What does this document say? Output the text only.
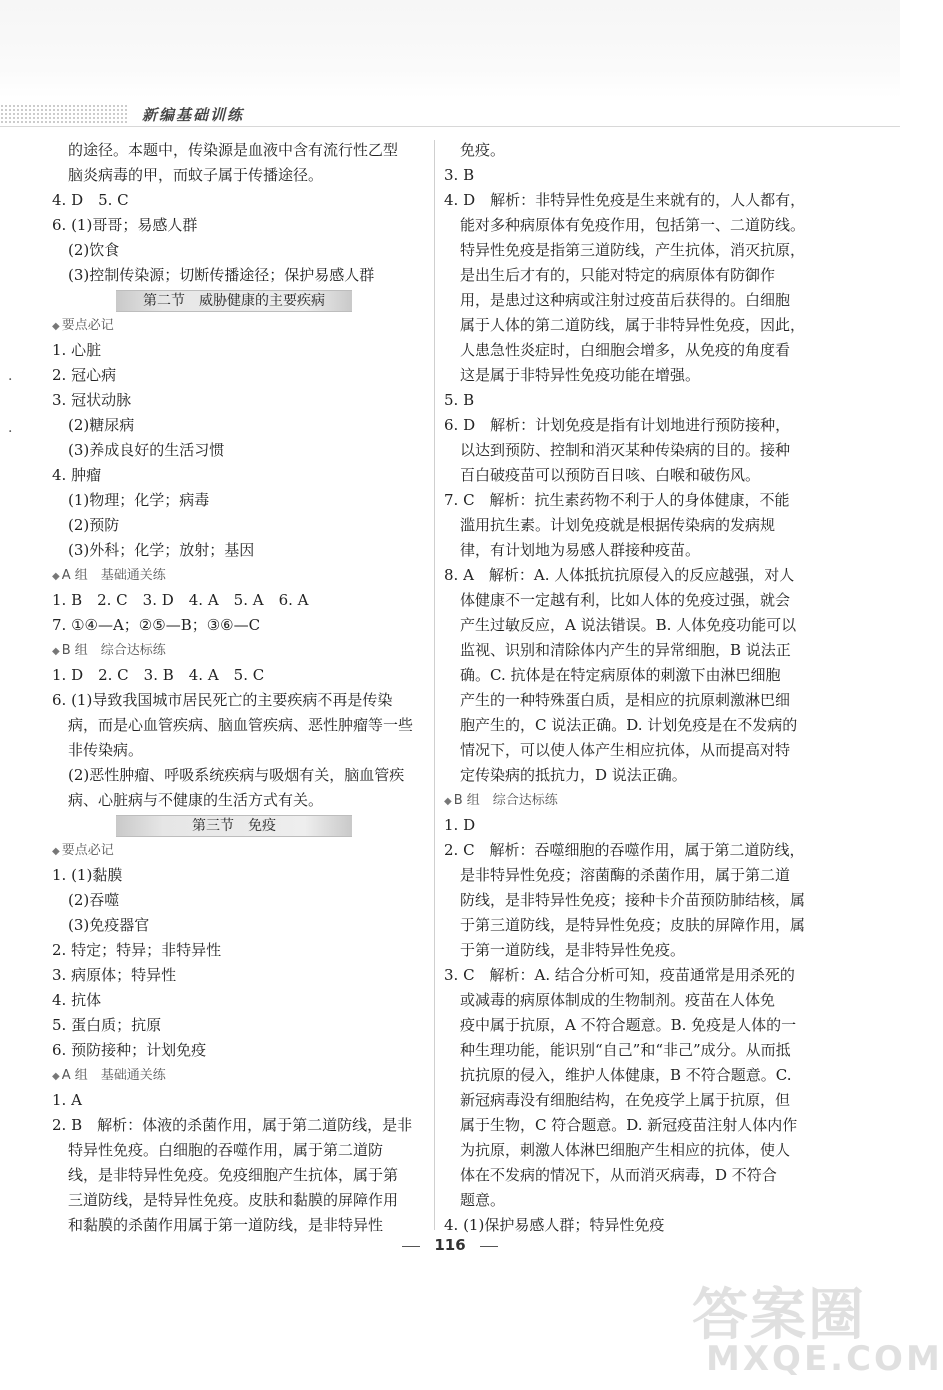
新编基础训练
·
·
的途径。本题中，传染源是血液中含有流行性乙型
脑炎病毒的甲，而蚊子属于传播途径。
4. D　5. C
6. (1)哥哥；易感人群
(2)饮食
(3)控制传染源；切断传播途径；保护易感人群
第二节　威胁健康的主要疾病
◆ 要点必记
1. 心脏
2. 冠心病
3. 冠状动脉
(2)糖尿病
(3)养成良好的生活习惯
4. 肿瘤
(1)物理；化学；病毒
(2)预防
(3)外科；化学；放射；基因
◆ A 组　基础通关练
1. B　2. C　3. D　4. A　5. A　6. A
7. ①④—A；②⑤—B；③⑥—C
◆ B 组　综合达标练
1. D　2. C　3. B　4. A　5. C
6. (1)导致我国城市居民死亡的主要疾病不再是传染
病，而是心血管疾病、脑血管疾病、恶性肿瘤等一些
非传染病。
(2)恶性肿瘤、呼吸系统疾病与吸烟有关，脑血管疾
病、心脏病与不健康的生活方式有关。
第三节　免疫
◆ 要点必记
1. (1)黏膜
(2)吞噬
(3)免疫器官
2. 特定；特异；非特异性
3. 病原体；特异性
4. 抗体
5. 蛋白质；抗原
6. 预防接种；计划免疫
◆ A 组　基础通关练
1. A
2. B　解析：体液的杀菌作用，属于第二道防线，是非
特异性免疫。白细胞的吞噬作用，属于第二道防
线，是非特异性免疫。免疫细胞产生抗体，属于第
三道防线，是特异性免疫。皮肤和黏膜的屏障作用
和黏膜的杀菌作用属于第一道防线，是非特异性
免疫。
3. B
4. D　解析：非特异性免疫是生来就有的，人人都有，
能对多种病原体有免疫作用，包括第一、二道防线。
特异性免疫是指第三道防线，产生抗体，消灭抗原，
是出生后才有的，只能对特定的病原体有防御作
用，是患过这种病或注射过疫苗后获得的。白细胞
属于人体的第二道防线，属于非特异性免疫，因此，
人患急性炎症时，白细胞会增多，从免疫的角度看
这是属于非特异性免疫功能在增强。
5. B
6. D　解析：计划免疫是指有计划地进行预防接种，
以达到预防、控制和消灭某种传染病的目的。接种
百白破疫苗可以预防百日咳、白喉和破伤风。
7. C　解析：抗生素药物不利于人的身体健康，不能
滥用抗生素。计划免疫就是根据传染病的发病规
律，有计划地为易感人群接种疫苗。
8. A　解析：A. 人体抵抗抗原侵入的反应越强，对人
体健康不一定越有利，比如人体的免疫过强，就会
产生过敏反应，A 说法错误。B. 人体免疫功能可以
监视、识别和清除体内产生的异常细胞，B 说法正
确。C. 抗体是在特定病原体的刺激下由淋巴细胞
产生的一种特殊蛋白质，是相应的抗原刺激淋巴细
胞产生的，C 说法正确。D. 计划免疫是在不发病的
情况下，可以使人体产生相应抗体，从而提高对特
定传染病的抵抗力，D 说法正确。
◆ B 组　综合达标练
1. D
2. C　解析：吞噬细胞的吞噬作用，属于第二道防线，
是非特异性免疫；溶菌酶的杀菌作用，属于第二道
防线，是非特异性免疫；接种卡介苗预防肺结核，属
于第三道防线，是特异性免疫；皮肤的屏障作用，属
于第一道防线，是非特异性免疫。
3. C　解析：A. 结合分析可知，疫苗通常是用杀死的
或减毒的病原体制成的生物制剂。疫苗在人体免
疫中属于抗原，A 不符合题意。B. 免疫是人体的一
种生理功能，能识别“自己”和“非己”成分。从而抵
抗抗原的侵入，维护人体健康，B 不符合题意。C.
新冠病毒没有细胞结构，在免疫学上属于抗原，但
属于生物，C 符合题意。D. 新冠疫苗注射人体内作
为抗原，刺激人体淋巴细胞产生相应的抗体，使人
体在不发病的情况下，从而消灭病毒，D 不符合
题意。
4. (1)保护易感人群；特异性免疫
116
答案圈
MXQE.COM
